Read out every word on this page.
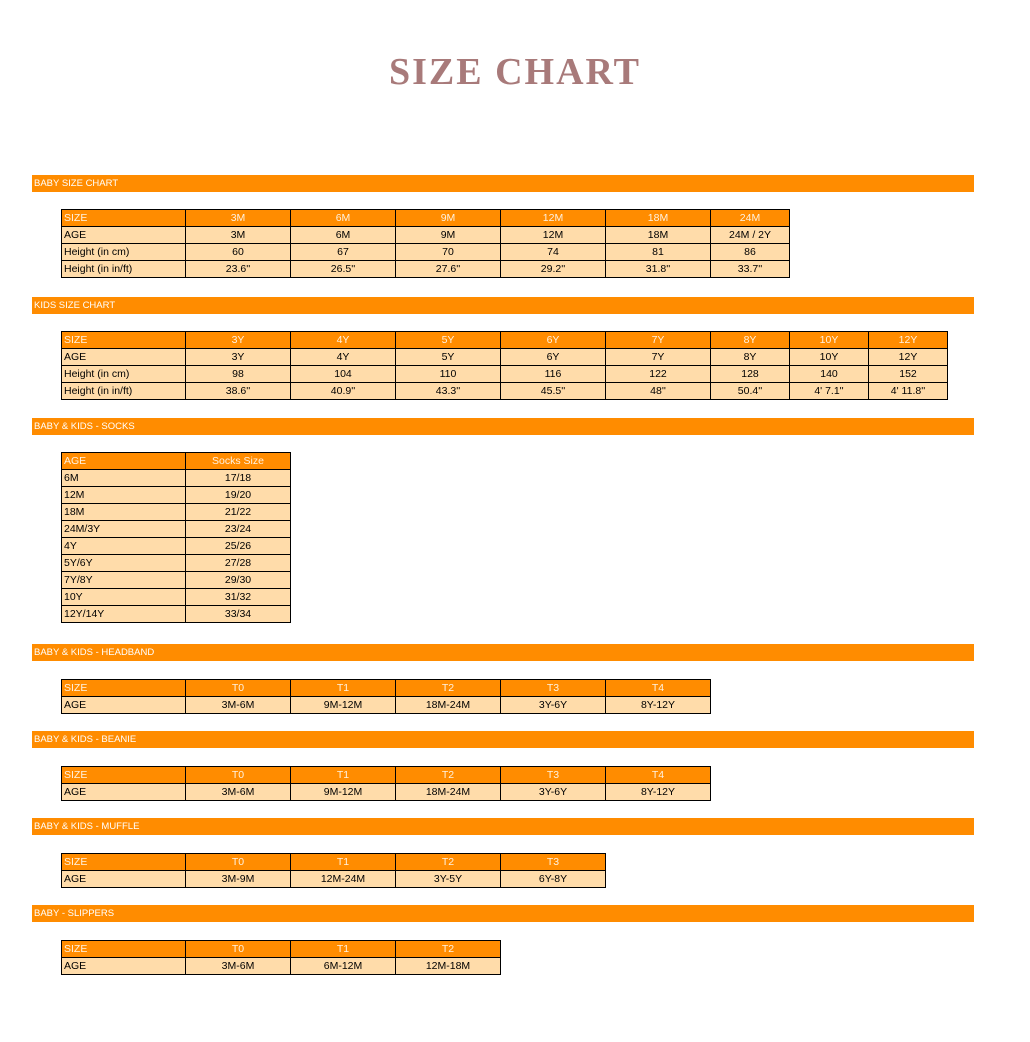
SIZE CHART
BABY SIZE CHART
SIZE	3M	6M	9M	12M	18M	24M
AGE	3M	6M	9M	12M	18M	24M / 2Y
Height (in cm)	60	67	70	74	81	86
Height (in in/ft)	23.6''	26.5''	27.6''	29.2''	31.8''	33.7''
KIDS SIZE CHART
SIZE	3Y	4Y	5Y	6Y	7Y	8Y	10Y	12Y
AGE	3Y	4Y	5Y	6Y	7Y	8Y	10Y	12Y
Height (in cm)	98	104	110	116	122	128	140	152
Height (in in/ft)	38.6''	40.9''	43.3''	45.5''	48''	50.4''	4' 7.1''	4' 11.8''
BABY & KIDS - SOCKS
AGE	Socks Size
6M	17/18
12M	19/20
18M	21/22
24M/3Y	23/24
4Y	25/26
5Y/6Y	27/28
7Y/8Y	29/30
10Y	31/32
12Y/14Y	33/34
BABY & KIDS - HEADBAND
SIZE	T0	T1	T2	T3	T4
AGE	3M-6M	9M-12M	18M-24M	3Y-6Y	8Y-12Y
BABY & KIDS - BEANIE
SIZE	T0	T1	T2	T3	T4
AGE	3M-6M	9M-12M	18M-24M	3Y-6Y	8Y-12Y
BABY & KIDS - MUFFLE
SIZE	T0	T1	T2	T3
AGE	3M-9M	12M-24M	3Y-5Y	6Y-8Y
BABY - SLIPPERS
SIZE	T0	T1	T2
AGE	3M-6M	6M-12M	12M-18M
